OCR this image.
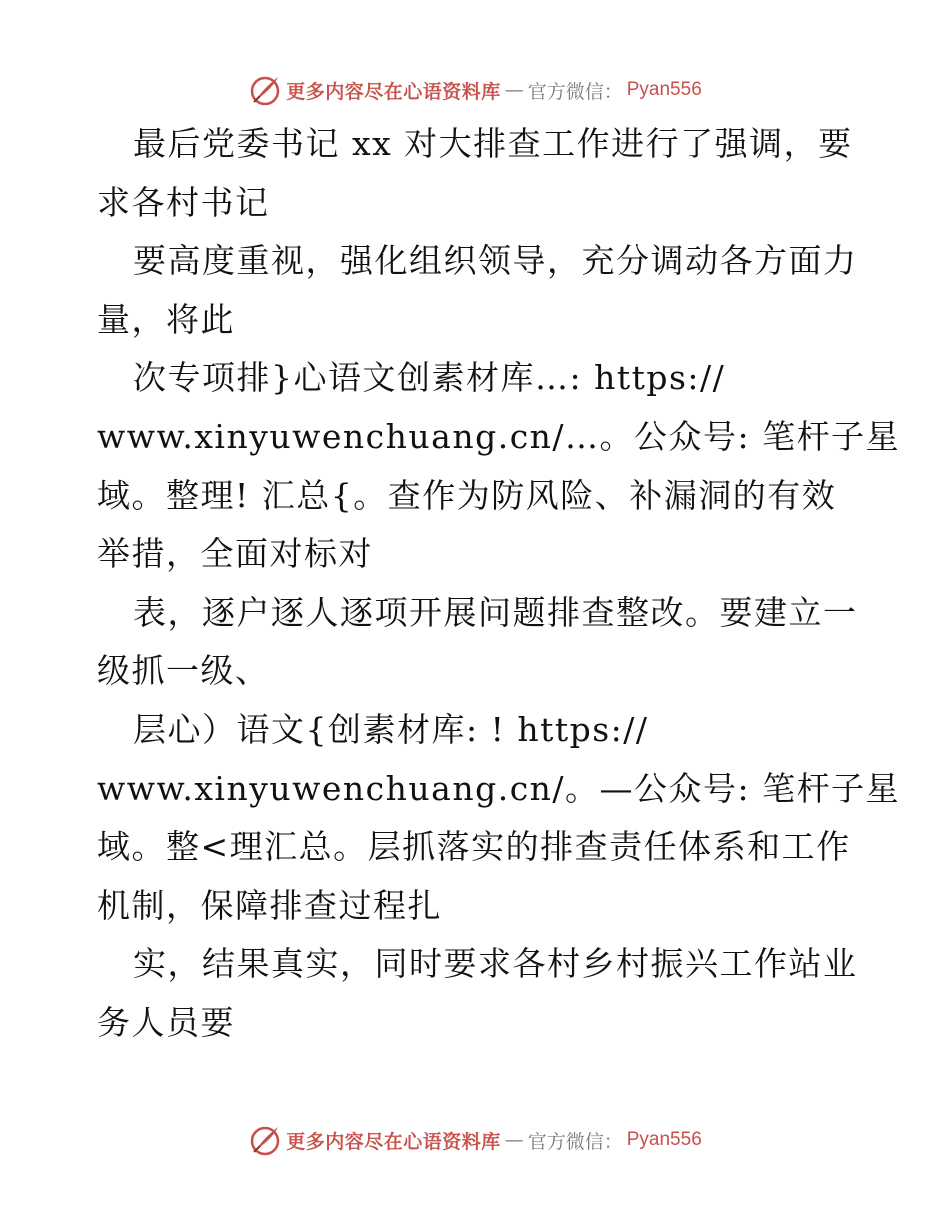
更多内容尽在心语资料库 — 官方微信： Pyan556
最后党委书记 xx 对大排查工作进行了强调，要
求各村书记
要高度重视，强化组织领导，充分调动各方面力
量，将此
次专项排}心语文创素材库…: https://
www.xinyuwenchuang.cn/…。公众号: 笔杆子星
域。整理! 汇总{。查作为防风险、补漏洞的有效
举措，全面对标对
表，逐户逐人逐项开展问题排查整改。要建立一
级抓一级、
层心）语文{创素材库: ! https://
www.xinyuwenchuang.cn/。—公众号: 笔杆子星
域。整<理汇总。层抓落实的排查责任体系和工作
机制，保障排查过程扎
实，结果真实，同时要求各村乡村振兴工作站业
务人员要
更多内容尽在心语资料库 — 官方微信： Pyan556
